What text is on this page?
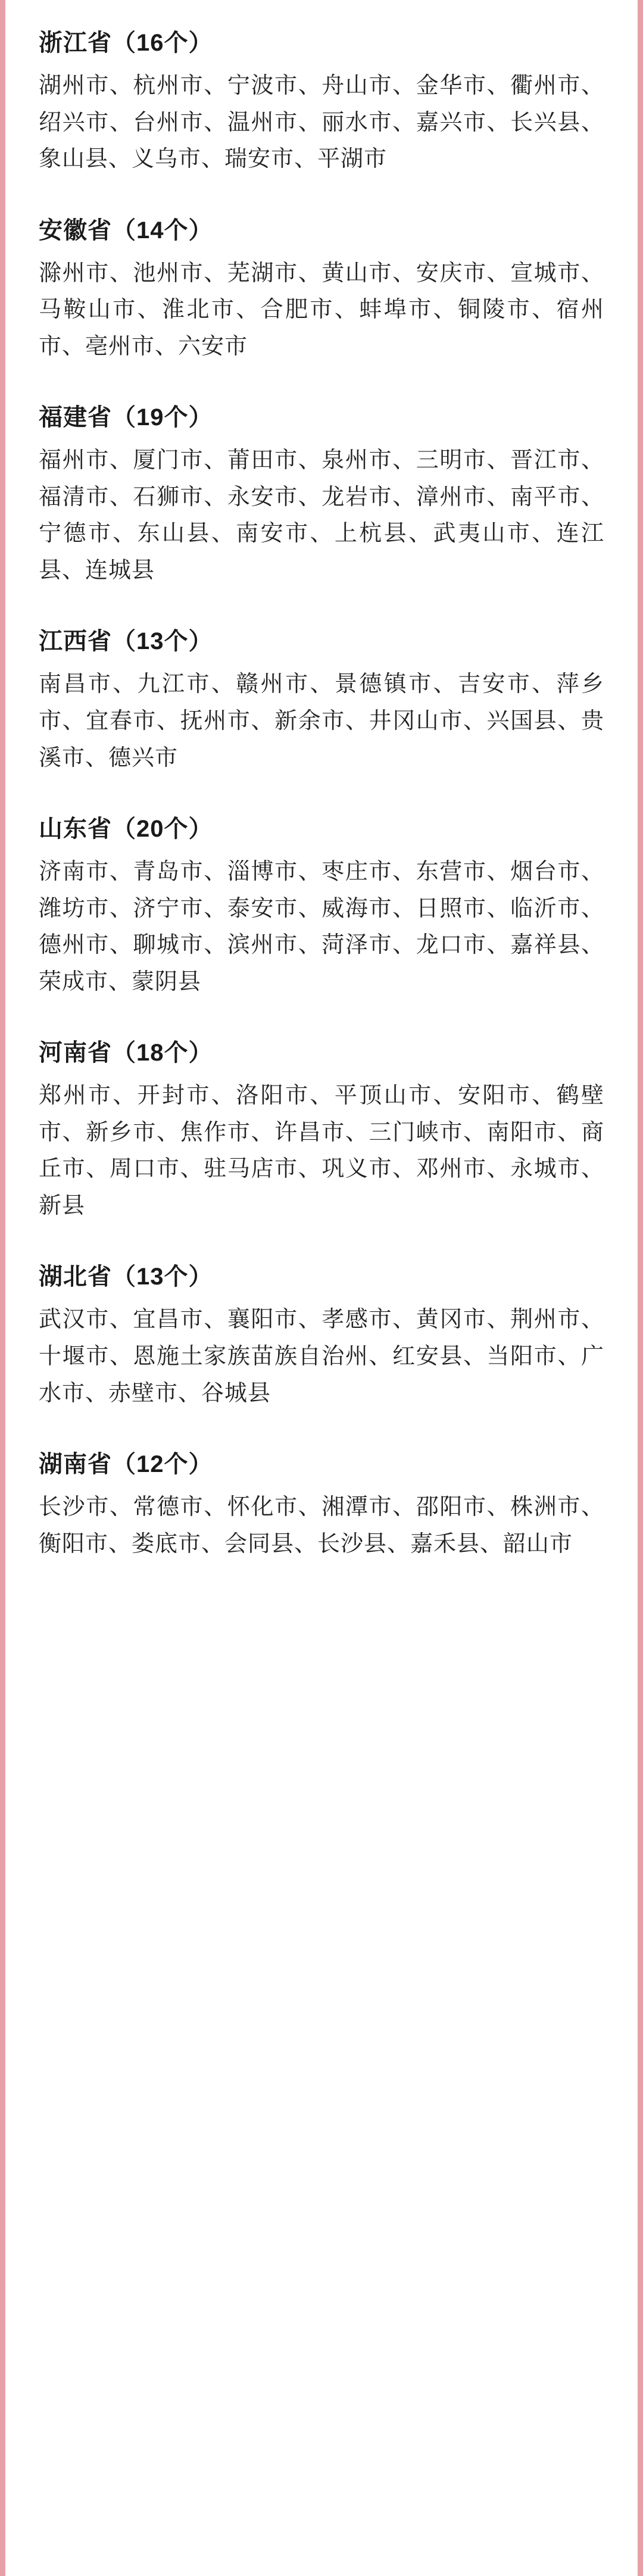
浙江省（16个）

湖州市、杭州市、宁波市、舟山市、金华市、衢州市、绍兴市、台州市、温州市、丽水市、嘉兴市、长兴县、象山县、义乌市、瑞安市、平湖市

安徽省（14个）

滁州市、池州市、芜湖市、黄山市、安庆市、宣城市、马鞍山市、淮北市、合肥市、蚌埠市、铜陵市、宿州市、亳州市、六安市

福建省（19个）

福州市、厦门市、莆田市、泉州市、三明市、晋江市、福清市、石狮市、永安市、龙岩市、漳州市、南平市、宁德市、东山县、南安市、上杭县、武夷山市、连江县、连城县

江西省（13个）

南昌市、九江市、赣州市、景德镇市、吉安市、萍乡市、宜春市、抚州市、新余市、井冈山市、兴国县、贵溪市、德兴市

山东省（20个）

济南市、青岛市、淄博市、枣庄市、东营市、烟台市、潍坊市、济宁市、泰安市、威海市、日照市、临沂市、德州市、聊城市、滨州市、菏泽市、龙口市、嘉祥县、荣成市、蒙阴县

河南省（18个）

郑州市、开封市、洛阳市、平顶山市、安阳市、鹤壁市、新乡市、焦作市、许昌市、三门峡市、南阳市、商丘市、周口市、驻马店市、巩义市、邓州市、永城市、新县

湖北省（13个）

武汉市、宜昌市、襄阳市、孝感市、黄冈市、荆州市、十堰市、恩施土家族苗族自治州、红安县、当阳市、广水市、赤壁市、谷城县

湖南省（12个）

长沙市、常德市、怀化市、湘潭市、邵阳市、株洲市、衡阳市、娄底市、会同县、长沙县、嘉禾县、韶山市
